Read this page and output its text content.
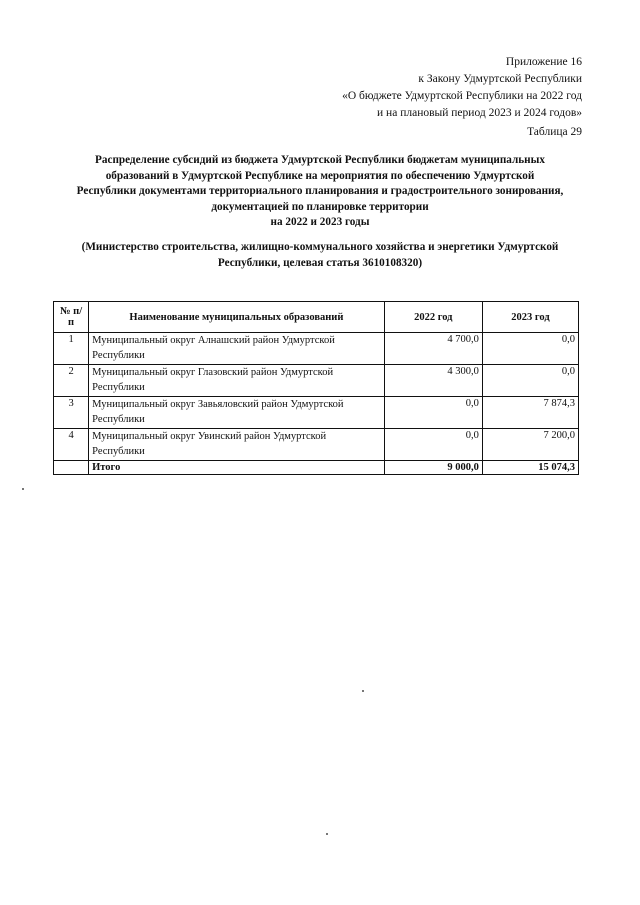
Приложение 16
к Закону Удмуртской Республики
«О бюджете Удмуртской Республики на 2022 год
и на плановый период 2023 и 2024 годов»
Таблица 29
Распределение субсидий из бюджета Удмуртской Республики бюджетам муниципальных
образований в Удмуртской Республике на мероприятия по обеспечению Удмуртской
Республики документами территориального планирования и градостроительного зонирования,
документацией по планировке территории
на 2022 и 2023 годы
(Министерство строительства, жилищно-коммунального хозяйства и энергетики Удмуртской
Республики, целевая статья 3610108320)
№ п/п	Наименование муниципальных образований	2022 год	2023 год
1	Муниципальный округ Алнашский район Удмуртской Республики	4 700,0	0,0
2	Муниципальный округ Глазовский район Удмуртской Республики	4 300,0	0,0
3	Муниципальный округ Завьяловский район Удмуртской Республики	0,0	7 874,3
4	Муниципальный округ Увинский район Удмуртской Республики	0,0	7 200,0
	Итого	9 000,0	15 074,3
